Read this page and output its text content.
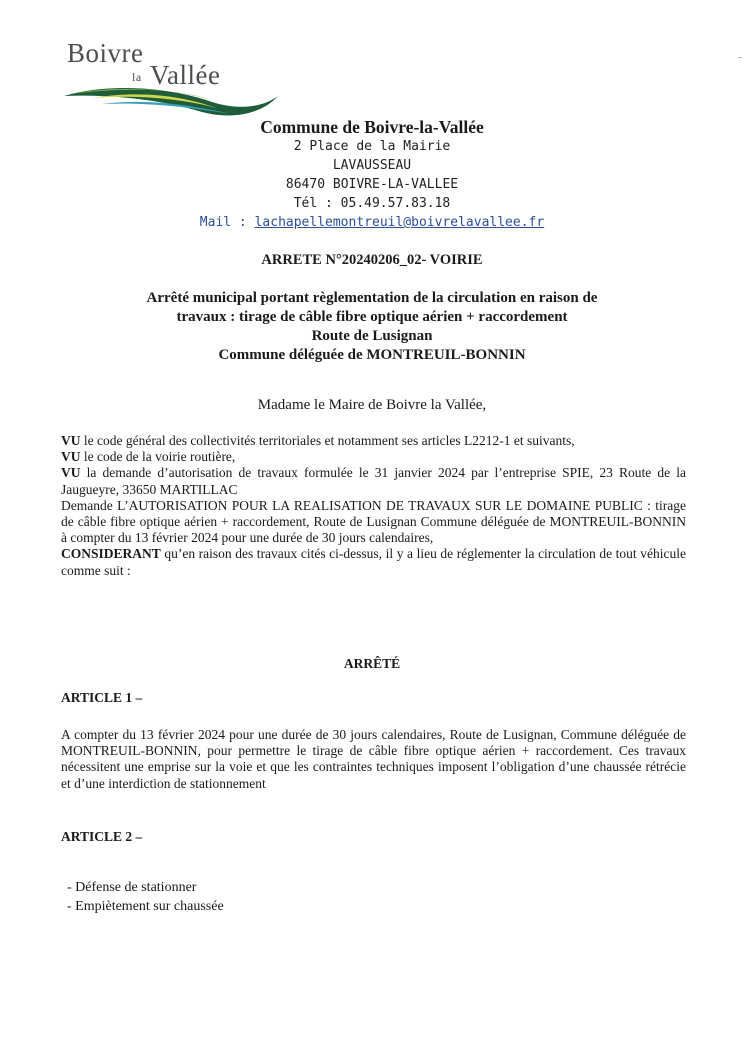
Boivre
la Vallée
Commune de Boivre-la-Vallée
2 Place de la Mairie
LAVAUSSEAU
86470 BOIVRE-LA-VALLEE
Tél : 05.49.57.83.18
Mail : lachapellemontreuil@boivrelavallee.fr
ARRETE N°20240206_02- VOIRIE
Arrêté municipal portant règlementation de la circulation en raison de
travaux : tirage de câble fibre optique aérien + raccordement
Route de Lusignan
Commune déléguée de MONTREUIL-BONNIN
Madame le Maire de Boivre la Vallée,
VU le code général des collectivités territoriales et notamment ses articles L2212-1 et suivants,
VU le code de la voirie routière,
VU la demande d’autorisation de travaux formulée le 31 janvier 2024 par l’entreprise SPIE, 23 Route de la Jaugueyre, 33650 MARTILLAC
Demande L’AUTORISATION POUR LA REALISATION DE TRAVAUX SUR LE DOMAINE PUBLIC : tirage de câble fibre optique aérien + raccordement, Route de Lusignan Commune déléguée de MONTREUIL-BONNIN à compter du 13 février 2024 pour une durée de 30 jours calendaires,
CONSIDERANT qu’en raison des travaux cités ci-dessus, il y a lieu de réglementer la circulation de tout véhicule comme suit :
ARRÊTÉ
ARTICLE 1 –
A compter du 13 février 2024 pour une durée de 30 jours calendaires, Route de Lusignan, Commune déléguée de MONTREUIL-BONNIN, pour permettre le tirage de câble fibre optique aérien + raccordement. Ces travaux nécessitent une emprise sur la voie et que les contraintes techniques imposent l’obligation d’une chaussée rétrécie et d’une interdiction de stationnement
ARTICLE 2 –
- Défense de stationner
- Empiètement sur chaussée
